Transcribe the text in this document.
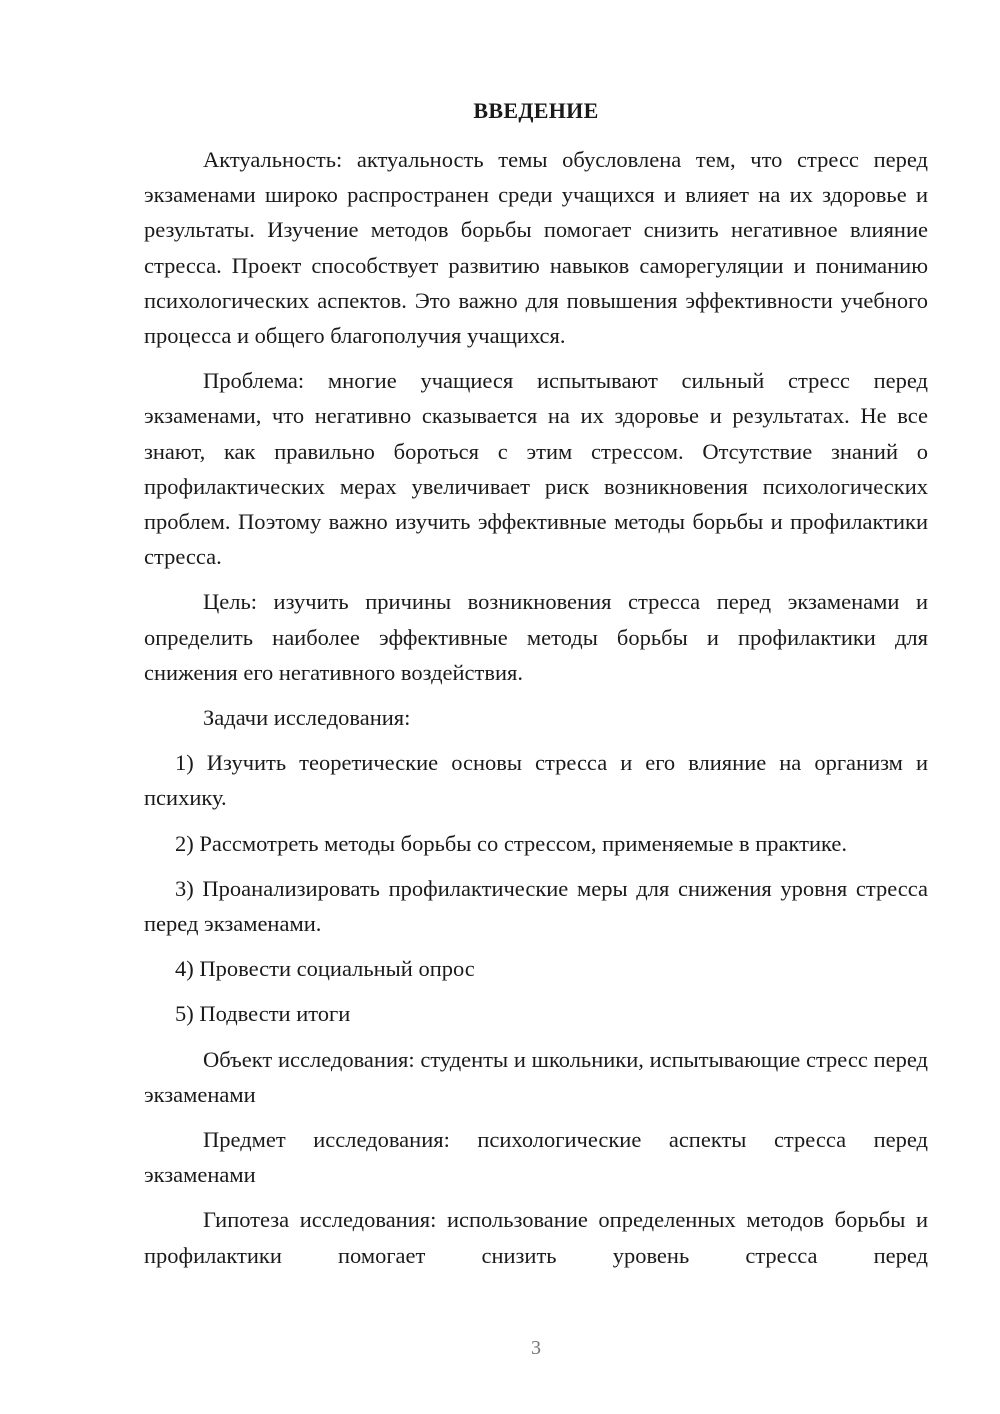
ВВЕДЕНИЕ

Актуальность: актуальность темы обусловлена тем, что стресс перед экзаменами широко распространен среди учащихся и влияет на их здоровье и результаты. Изучение методов борьбы помогает снизить негативное влияние стресса. Проект способствует развитию навыков саморегуляции и пониманию психологических аспектов. Это важно для повышения эффективности учебного процесса и общего благополучия учащихся.

Проблема: многие учащиеся испытывают сильный стресс перед экзаменами, что негативно сказывается на их здоровье и результатах. Не все знают, как правильно бороться с этим стрессом. Отсутствие знаний о профилактических мерах увеличивает риск возникновения психологических проблем. Поэтому важно изучить эффективные методы борьбы и профилактики стресса.

Цель: изучить причины возникновения стресса перед экзаменами и определить наиболее эффективные методы борьбы и профилактики для снижения его негативного воздействия.

Задачи исследования:

1) Изучить теоретические основы стресса и его влияние на организм и психику.

2) Рассмотреть методы борьбы со стрессом, применяемые в практике.

3) Проанализировать профилактические меры для снижения уровня стресса перед экзаменами.

4) Провести социальный опрос

5) Подвести итоги

Объект исследования: студенты и школьники, испытывающие стресс перед экзаменами

Предмет исследования: психологические аспекты стресса перед экзаменами

Гипотеза исследования: использование определенных методов борьбы и профилактики помогает снизить уровень стресса перед

3
